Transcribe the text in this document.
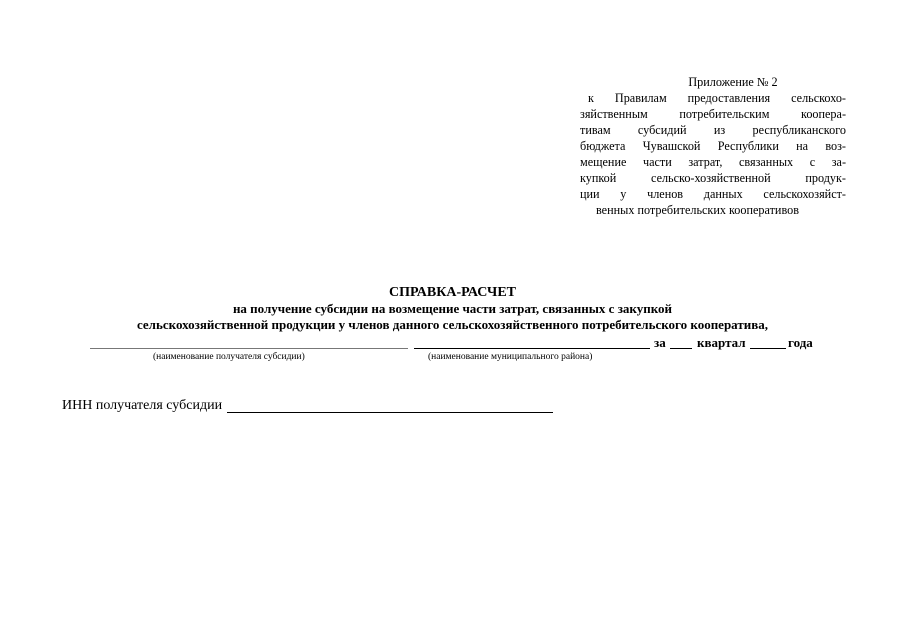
Приложение № 2
к Правилам предоставления сельскохо-
зяйственным потребительским коопера-
тивам субсидий из республиканского
бюджета Чувашской Республики на воз-
мещение части затрат, связанных с за-
купкой сельско-хозяйственной продук-
ции у членов данных сельскохозяйст-
венных потребительских кооперативов
СПРАВКА-РАСЧЕТ
на получение субсидии на возмещение части затрат, связанных с закупкой
сельскохозяйственной продукции у членов данного сельскохозяйственного потребительского кооператива,
за квартал	года
(наименование получателя субсидии)	(наименование муниципального района)
ИНН получателя субсидии
